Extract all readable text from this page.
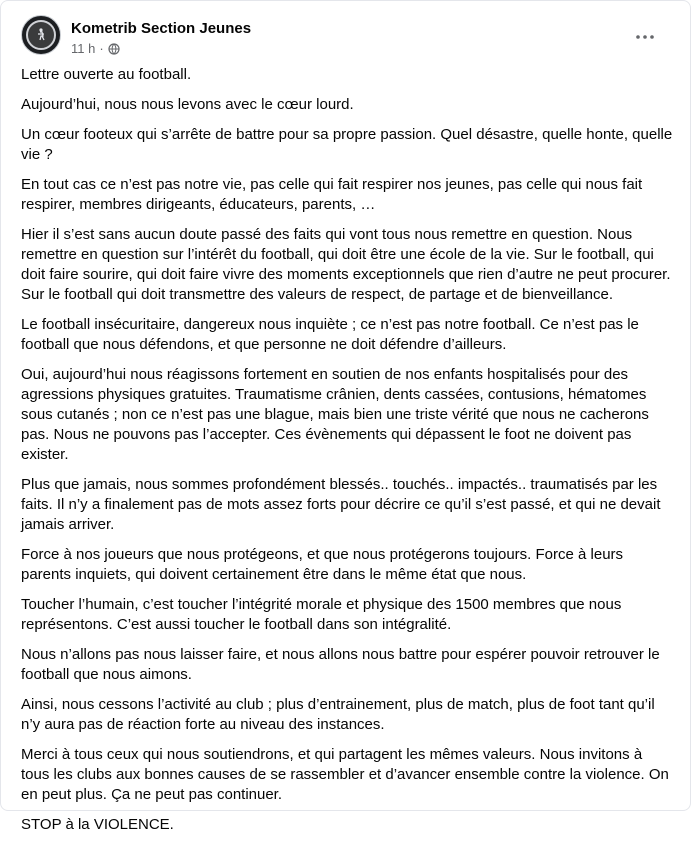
Kometrib Section Jeunes
11 h ·

Lettre ouverte au football.

Aujourd’hui, nous nous levons avec le cœur lourd.

Un cœur footeux qui s’arrête de battre pour sa propre passion. Quel désastre, quelle honte, quelle vie ?

En tout cas ce n’est pas notre vie, pas celle qui fait respirer nos jeunes, pas celle qui nous fait respirer, membres dirigeants, éducateurs, parents, …

Hier il s’est sans aucun doute passé des faits qui vont tous nous remettre en question. Nous remettre en question sur l’intérêt du football, qui doit être une école de la vie. Sur le football, qui doit faire sourire, qui doit faire vivre des moments exceptionnels que rien d’autre ne peut procurer. Sur le football qui doit transmettre des valeurs de respect, de partage et de bienveillance.

Le football insécuritaire, dangereux nous inquiète ; ce n’est pas notre football. Ce n’est pas le football que nous défendons, et que personne ne doit défendre d’ailleurs.

Oui, aujourd’hui nous réagissons fortement en soutien de nos enfants hospitalisés pour des agressions physiques gratuites. Traumatisme crânien, dents cassées, contusions, hématomes sous cutanés ; non ce n’est pas une blague, mais bien une triste vérité que nous ne cacherons pas. Nous ne pouvons pas l’accepter. Ces évènements qui dépassent le foot ne doivent pas exister.

Plus que jamais, nous sommes profondément blessés.. touchés.. impactés.. traumatisés par les faits. Il n’y a finalement pas de mots assez forts pour décrire ce qu’il s’est passé, et qui ne devait jamais arriver.

Force à nos joueurs que nous protégeons, et que nous protégerons toujours. Force à leurs parents inquiets, qui doivent certainement être dans le même état que nous.

Toucher l’humain, c’est toucher l’intégrité morale et physique des 1500 membres que nous représentons. C’est aussi toucher le football dans son intégralité.

Nous n’allons pas nous laisser faire, et nous allons nous battre pour espérer pouvoir retrouver le football que nous aimons.

Ainsi, nous cessons l’activité au club ; plus d’entrainement, plus de match, plus de foot tant qu’il n’y aura pas de réaction forte au niveau des instances.

Merci à tous ceux qui nous soutiendrons, et qui partagent les mêmes valeurs. Nous invitons à tous les clubs aux bonnes causes de se rassembler et d’avancer ensemble contre la violence. On en peut plus. Ça ne peut pas continuer.

STOP à la VIOLENCE.
